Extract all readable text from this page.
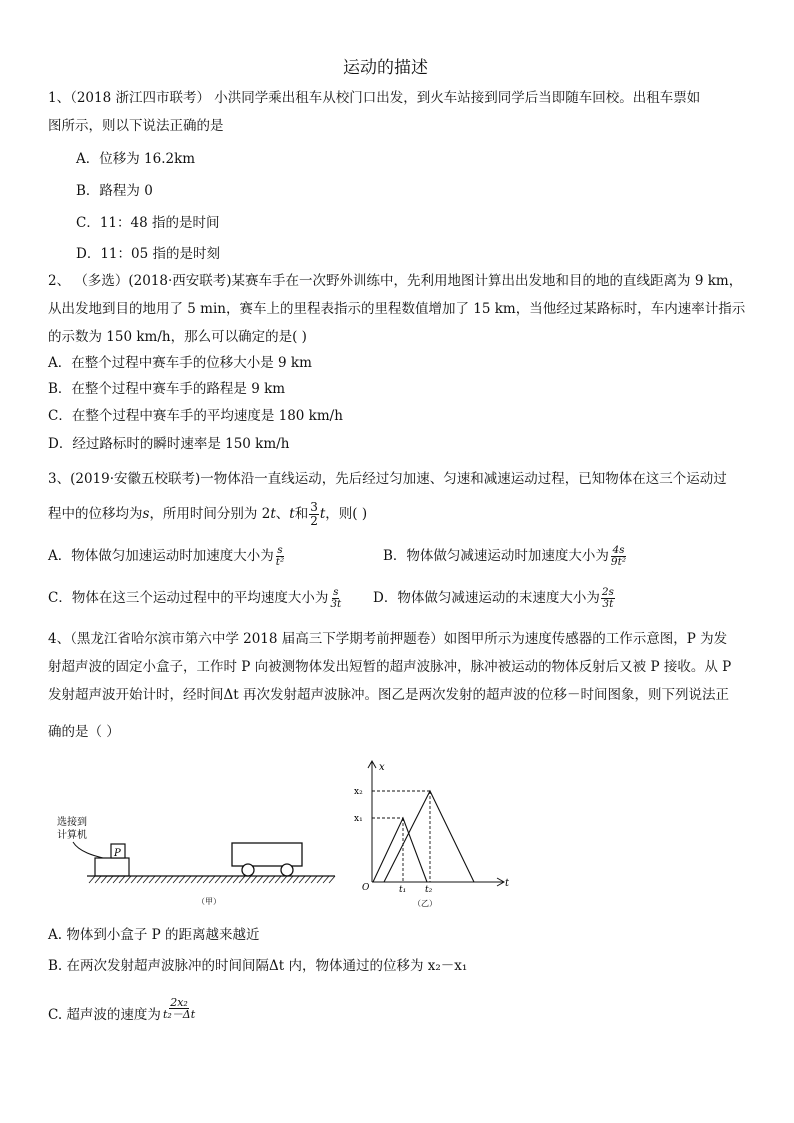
运动的描述
1、（2018 浙江四市联考） 小洪同学乘出租车从校门口出发，到火车站接到同学后当即随车回校。出租车票如
图所示，则以下说法正确的是
A．位移为 16.2km
B．路程为 0
C．11：48 指的是时间
D．11：05 指的是时刻
2、 （多选）(2018·西安联考)某赛车手在一次野外训练中，先利用地图计算出出发地和目的地的直线距离为 9 km，
从出发地到目的地用了 5 min，赛车上的里程表指示的里程数值增加了 15 km，当他经过某路标时，车内速率计指示
的示数为 150 km/h，那么可以确定的是( )
A．在整个过程中赛车手的位移大小是 9 km
B．在整个过程中赛车手的路程是 9 km
C．在整个过程中赛车手的平均速度是 180 km/h
D．经过路标时的瞬时速率是 150 km/h
3、(2019·安徽五校联考)一物体沿一直线运动，先后经过匀加速、匀速和减速运动过程，已知物体在这三个运动过
程中的位移均为 s ，所用时间分别为 2 t 、 t 和 $\frac{3}{2}$ t ，则( )
A．物体做匀加速运动时加速度大小为 $\frac{s}{\text{t²}}$	B．物体做匀减速运动时加速度大小为 $\frac{4s}{\text{9t²}}$
C．物体在这三个运动过程中的平均速度大小为 $\frac{s}{3t}$ D．物体做匀减速运动的末速度大小为 $\frac{2s}{3t}$
4、（黑龙江省哈尔滨市第六中学 2018 届高三下学期考前押题卷）如图甲所示为速度传感器的工作示意图，P 为发
射超声波的固定小盒子，工作时 P 向被测物体发出短暂的超声波脉冲，脉冲被运动的物体反射后又被 P 接收。从 P
发射超声波开始计时，经时间Δt 再次发射超声波脉冲。图乙是两次发射的超声波的位移－时间图象，则下列说法正
确的是（ ）
选接到
计算机
P
（甲）
x
t
O
x₂
x₁
t₁ t₂
（乙）
A. 物体到小盒子 P 的距离越来越近
B. 在两次发射超声波脉冲的时间间隔Δt 内，物体通过的位移为 x₂－x₁
C. 超声波的速度为 $\frac{\text{2x₂}}{\text{t₂－Δt}}$
